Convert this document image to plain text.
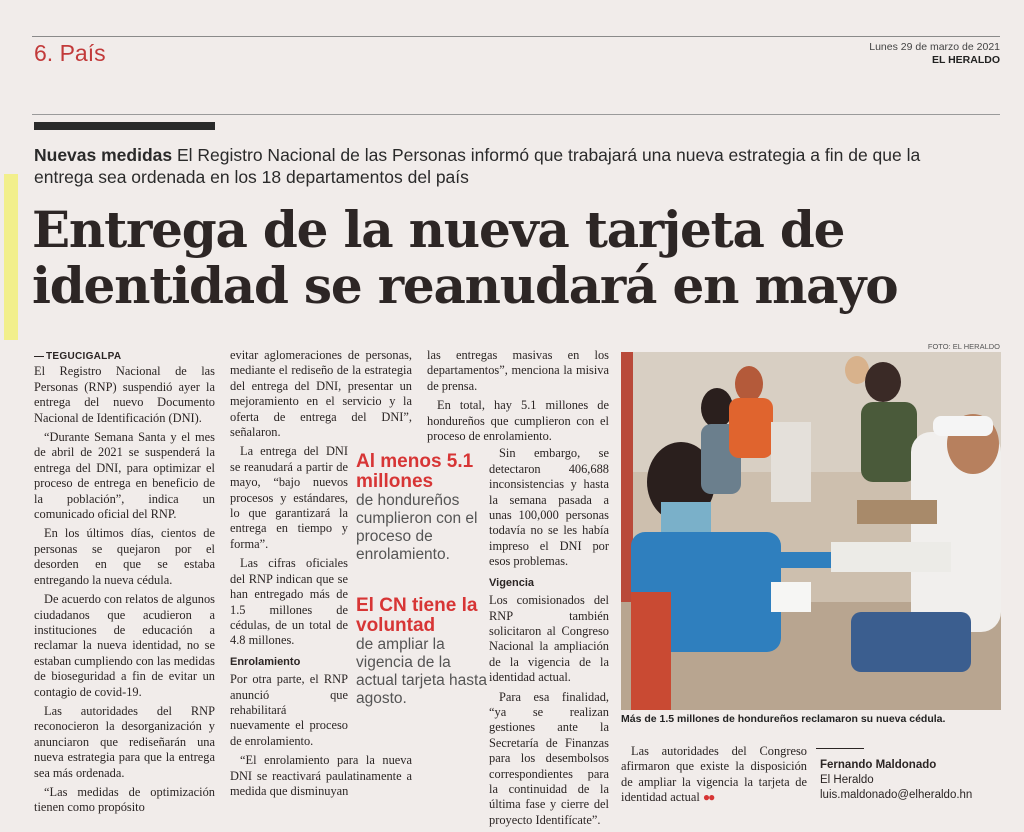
6. País	Lunes 29 de marzo de 2021
EL HERALDO
Nuevas medidas El Registro Nacional de las Personas informó que trabajará una nueva estrategia a fin de que la entrega sea ordenada en los 18 departamentos del país
Entrega de la nueva tarjeta de identidad se reanudará en mayo

TEGUCIGALPA
El Registro Nacional de las Personas (RNP) suspendió ayer la entrega del nuevo Documento Nacional de Identificación (DNI).

“Durante Semana Santa y el mes de abril de 2021 se suspenderá la entrega del DNI, para optimizar el proceso de entrega en beneficio de la población”, indica un comunicado oficial del RNP.

En los últimos días, cientos de personas se quejaron por el desorden en que se estaba entregando la nueva cédula.

De acuerdo con relatos de algunos ciudadanos que acudieron a instituciones de educación a reclamar la nueva identidad, no se estaban cumpliendo con las medidas de bioseguridad a fin de evitar un contagio de covid-19.

Las autoridades del RNP reconocieron la desorganización y anunciaron que rediseñarán una nueva estrategia para que la entrega sea más ordenada.

“Las medidas de optimización tienen como propósito

evitar aglomeraciones de personas, mediante el rediseño de la estrategia del entrega del DNI, presentar un mejoramiento en el servicio y la oferta de entrega del DNI”, señalaron.

La entrega del DNI se reanudará a partir de mayo, “bajo nuevos procesos y estándares, lo que garantizará la entrega en tiempo y forma”.

Las cifras oficiales del RNP indican que se han entregado más de 1.5 millones de cédulas, de un total de 4.8 millones.

Enrolamiento

Por otra parte, el RNP anunció que rehabilitará nuevamente el proceso de enrolamiento.

“El enrolamiento para la nueva DNI se reactivará paulatinamente a medida que disminuyan

Al menos 5.1 millones
de hondureños cumplieron con el proceso de enrolamiento.
El CN tiene la voluntad
de ampliar la vigencia de la actual tarjeta hasta agosto.

las entregas masivas en los departamentos”, menciona la misiva de prensa.

En total, hay 5.1 millones de hondureños que cumplieron con el proceso de enrolamiento.

Sin embargo, se detectaron 406,688 inconsistencias y hasta la semana pasada a unas 100,000 personas todavía no se les había impreso el DNI por esos problemas.

Vigencia

Los comisionados del RNP también solicitaron al Congreso Nacional la ampliación de la vigencia de la identidad actual.

Para esa finalidad, “ya se realizan gestiones ante la Secretaría de Finanzas para los desembolsos correspondientes para la continuidad de la última fase y cierre del proyecto Identifícate”.

FOTO: EL HERALDO
Más de 1.5 millones de hondureños reclamaron su nueva cédula.

Las autoridades del Congreso afirmaron que existe la disposición de ampliar la vigencia la tarjeta de identidad actual ●●

Fernando Maldonado
El Heraldo
luis.maldonado@elheraldo.hn
